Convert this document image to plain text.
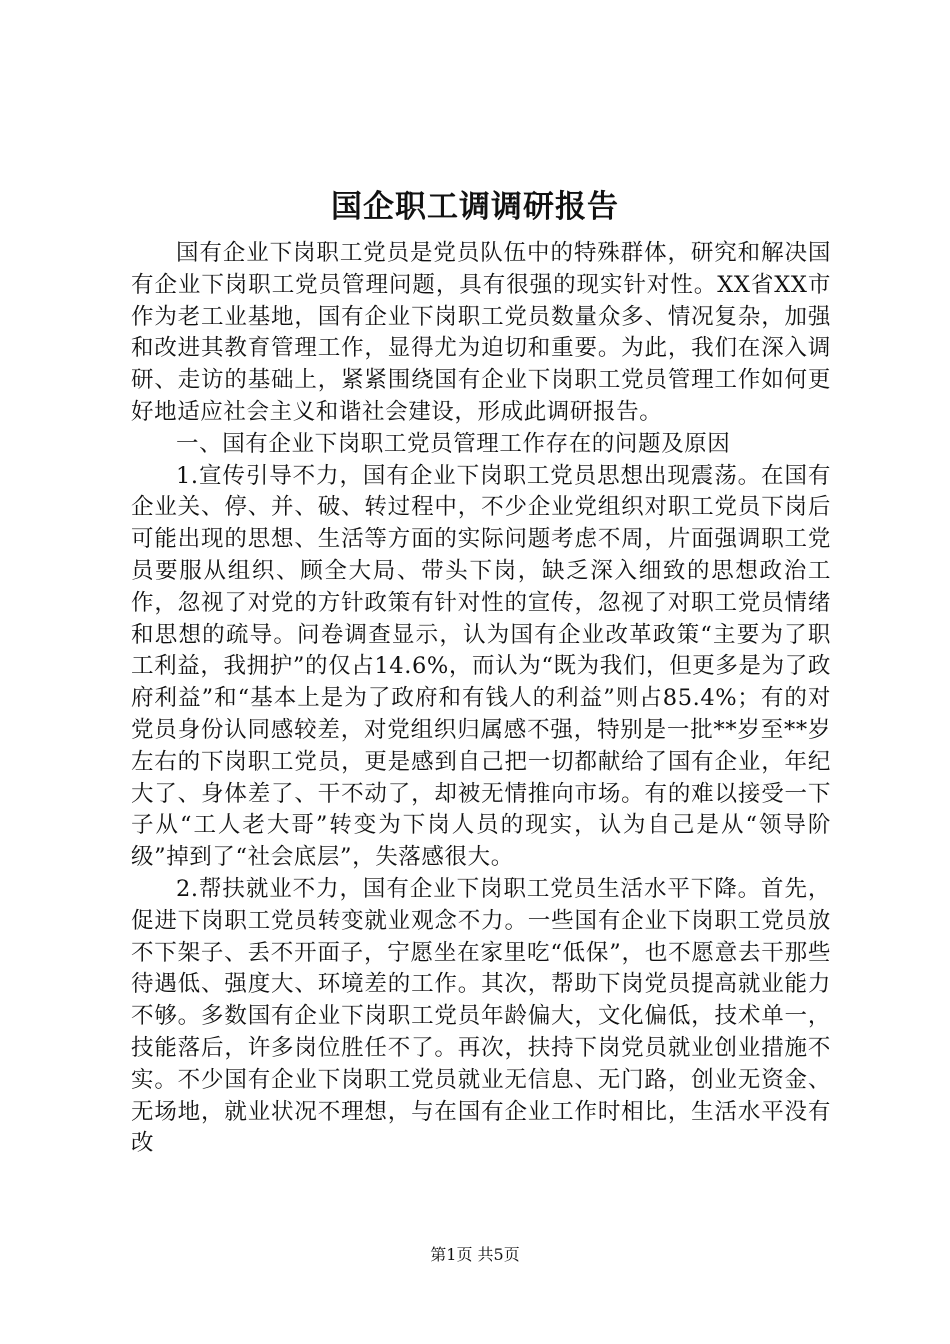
国企职工调调研报告

国有企业下岗职工党员是党员队伍中的特殊群体，研究和解决国有企业下岗职工党员管理问题，具有很强的现实针对性。XX省XX市作为老工业基地，国有企业下岗职工党员数量众多、情况复杂，加强和改进其教育管理工作，显得尤为迫切和重要。为此，我们在深入调研、走访的基础上，紧紧围绕国有企业下岗职工党员管理工作如何更好地适应社会主义和谐社会建设，形成此调研报告。

一、国有企业下岗职工党员管理工作存在的问题及原因

1.宣传引导不力，国有企业下岗职工党员思想出现震荡。在国有企业关、停、并、破、转过程中，不少企业党组织对职工党员下岗后可能出现的思想、生活等方面的实际问题考虑不周，片面强调职工党员要服从组织、顾全大局、带头下岗，缺乏深入细致的思想政治工作，忽视了对党的方针政策有针对性的宣传，忽视了对职工党员情绪和思想的疏导。问卷调查显示，认为国有企业改革政策“主要为了职工利益，我拥护”的仅占14.6%，而认为“既为我们，但更多是为了政府利益”和“基本上是为了政府和有钱人的利益”则占85.4%；有的对党员身份认同感较差，对党组织归属感不强，特别是一批**岁至**岁左右的下岗职工党员，更是感到自己把一切都献给了国有企业，年纪大了、身体差了、干不动了，却被无情推向市场。有的难以接受一下子从“工人老大哥”转变为下岗人员的现实，认为自己是从“领导阶级”掉到了“社会底层”，失落感很大。

2.帮扶就业不力，国有企业下岗职工党员生活水平下降。首先，促进下岗职工党员转变就业观念不力。一些国有企业下岗职工党员放不下架子、丢不开面子，宁愿坐在家里吃“低保”，也不愿意去干那些待遇低、强度大、环境差的工作。其次，帮助下岗党员提高就业能力不够。多数国有企业下岗职工党员年龄偏大，文化偏低，技术单一，技能落后，许多岗位胜任不了。再次，扶持下岗党员就业创业措施不实。不少国有企业下岗职工党员就业无信息、无门路，创业无资金、无场地，就业状况不理想，与在国有企业工作时相比，生活水平没有改

第1页 共5页
